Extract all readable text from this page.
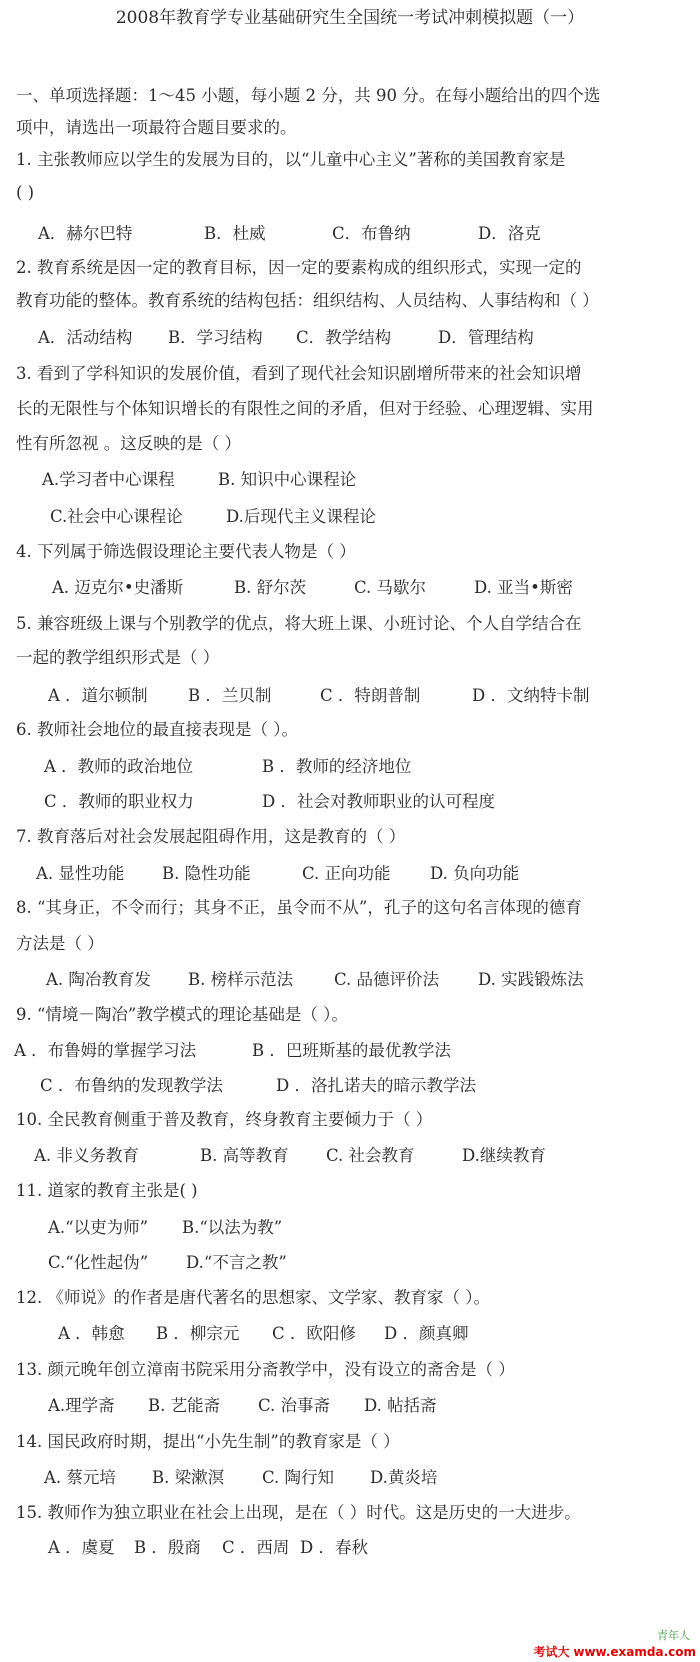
2008年教育学专业基础研究生全国统一考试冲刺模拟题（一）
一、单项选择题：1～45 小题，每小题 2 分，共 90 分。在每小题给出的四个选
项中，请选出一项最符合题目要求的。
1. 主张教师应以学生的发展为目的，以“儿童中心主义”著称的美国教育家是
( )
A．赫尔巴特	B．杜威	C．布鲁纳	D．洛克
2. 教育系统是因一定的教育目标，因一定的要素构成的组织形式，实现一定的
教育功能的整体。教育系统的结构包括：组织结构、人员结构、人事结构和（ ）
A．活动结构 B．学习结构 C．教学结构	D．管理结构
3. 看到了学科知识的发展价值，看到了现代社会知识剧增所带来的社会知识增
长的无限性与个体知识增长的有限性之间的矛盾，但对于经验、心理逻辑、实用
性有所忽视 。这反映的是（ ）
A.学习者中心课程	B. 知识中心课程论
C.社会中心课程论	D.后现代主义课程论
4. 下列属于筛选假设理论主要代表人物是（ ）
A. 迈克尔•史潘斯	B. 舒尔茨	C. 马歇尔	D. 亚当•斯密
5. 兼容班级上课与个别教学的优点，将大班上课、小班讨论、个人自学结合在
一起的教学组织形式是（ ）
A ．道尔顿制 B ．兰贝制	C ．特朗普制	D ．文纳特卡制
6. 教师社会地位的最直接表现是（ ）。
A ．教师的政治地位	B ．教师的经济地位
C ．教师的职业权力	D ．社会对教师职业的认可程度
7. 教育落后对社会发展起阻碍作用，这是教育的（ ）
A. 显性功能 B. 隐性功能	C. 正向功能 D. 负向功能
8. “其身正，不令而行；其身不正，虽令而不从”，孔子的这句名言体现的德育
方法是（ ）
A. 陶冶教育发 B. 榜样示范法 C. 品德评价法 D. 实践锻炼法
9. “情境－陶冶”教学模式的理论基础是（ ）。
A ．布鲁姆的掌握学习法	B ．巴班斯基的最优教学法
C ．布鲁纳的发现教学法	D ．洛扎诺夫的暗示教学法
10. 全民教育侧重于普及教育，终身教育主要倾力于（ ）
A. 非义务教育	B. 高等教育 C. 社会教育	D.继续教育
11. 道家的教育主张是( )
A.“以吏为师” B.“以法为教”
C.“化性起伪” D.“不言之教”
12. 《师说》的作者是唐代著名的思想家、文学家、教育家（ ）。
A ．韩愈 B ．柳宗元 C ．欧阳修 D ．颜真卿
13. 颜元晚年创立漳南书院采用分斋教学中，没有设立的斋舍是（ ）
A.理学斋 B. 艺能斋 C. 治事斋 D. 帖括斋
14. 国民政府时期，提出“小先生制”的教育家是（ ）
A. 蔡元培 B. 梁漱溟 C. 陶行知 D.黄炎培
15. 教师作为独立职业在社会上出现，是在（ ）时代。这是历史的一大进步。
A ．虞夏 B ．殷商 C ．西周 D ．春秋
青年人
考试大 www.examda.com
